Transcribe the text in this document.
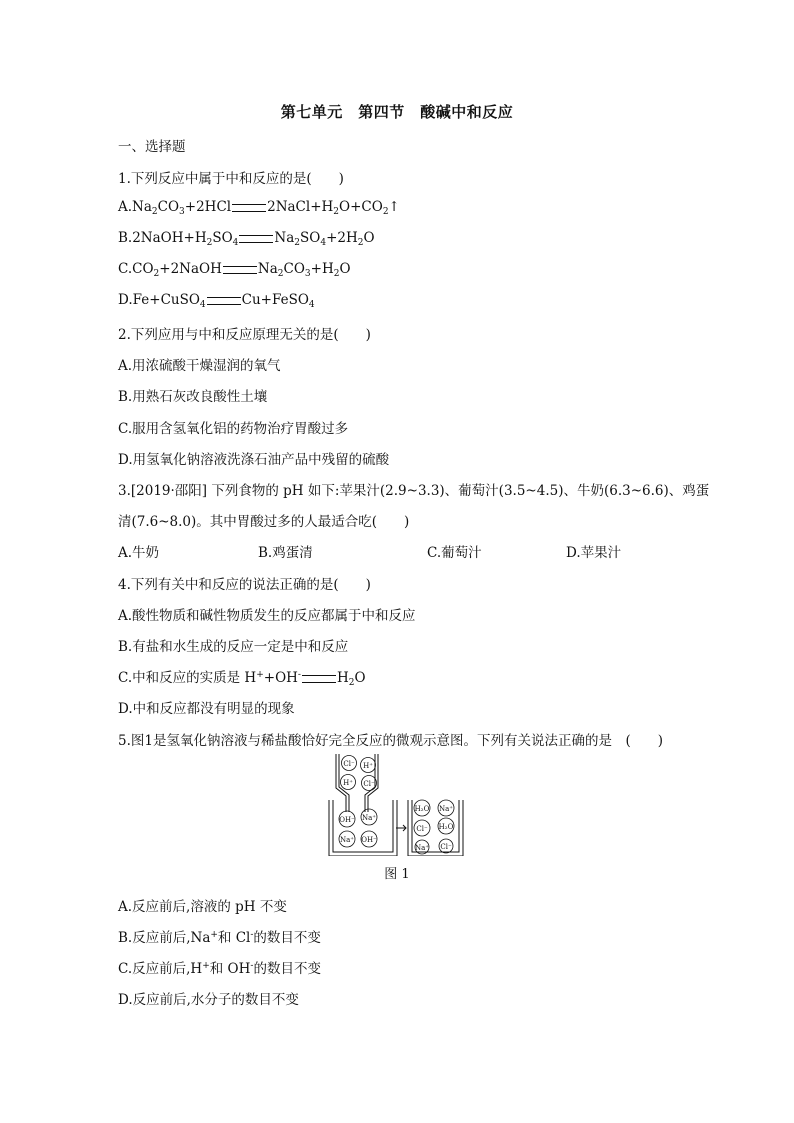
第七单元　第四节　酸碱中和反应
一、选择题
1.下列反应中属于中和反应的是(　　)
$A.Na_2CO_3+2HCl$	$2NaCl+H_2O+CO_2↑$
$B.2NaOH+H_2SO_4$	$Na_2SO_4+2H_2O$
$C.CO_2+2NaOH$	$Na_2CO_3+H_2O$
D.Fe+CuSO$_4$	Cu+FeSO$_4$
2.下列应用与中和反应原理无关的是(　　)
A.用浓硫酸干燥湿润的氧气
B.用熟石灰改良酸性土壤
C.服用含氢氧化铝的药物治疗胃酸过多
D.用氢氧化钠溶液洗涤石油产品中残留的硫酸
3.[2019·邵阳] 下列食物的 pH 如下:苹果汁(2.9~3.3)、葡萄汁(3.5~4.5)、牛奶(6.3~6.6)、鸡蛋
清(7.6~8.0)。其中胃酸过多的人最适合吃(　　)
A.牛奶	B.鸡蛋清	C.葡萄汁	D.苹果汁
4.下列有关中和反应的说法正确的是(　　)
A.酸性物质和碱性物质发生的反应都属于中和反应
B.有盐和水生成的反应一定是中和反应
C.中和反应的实质是 H++OH-	$H_2O$
D.中和反应都没有明显的现象
5.图1是氢氧化钠溶液与稀盐酸恰好完全反应的微观示意图。下列有关说法正确的是　(　　)
Cl⁻ H⁺
H⁺ Cl⁻
OH⁻ Na⁺
Na⁺ OH⁻
H₂O Na⁺
Cl⁻ H₂O
Na⁺ Cl⁻
图 1
A.反应前后,溶液的 pH 不变
B.反应前后,Na+和 Cl-的数目不变
C.反应前后,H+和 OH-的数目不变
D.反应前后,水分子的数目不变
